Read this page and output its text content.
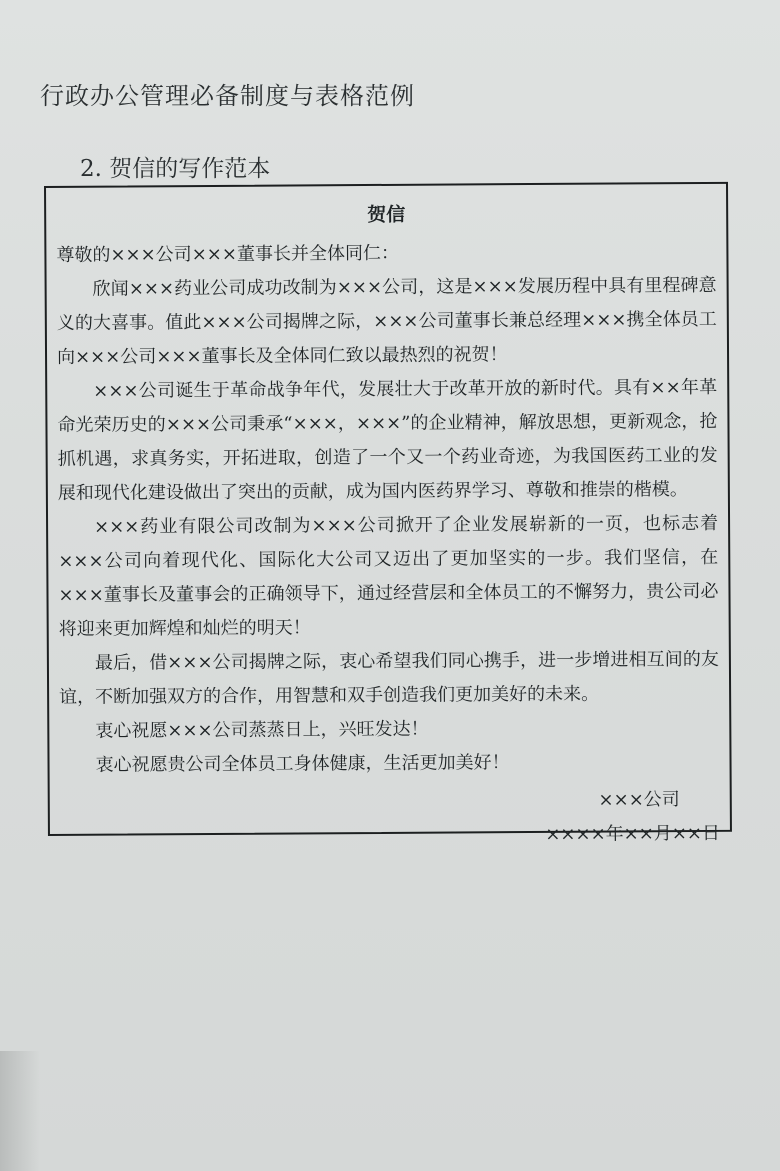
行政办公管理必备制度与表格范例
2. 贺信的写作范本
贺信
尊敬的×××公司×××董事长并全体同仁：

欣闻×××药业公司成功改制为×××公司，这是×××发展历程中具有里程碑意义的大喜事。值此×××公司揭牌之际，×××公司董事长兼总经理×××携全体员工向×××公司×××董事长及全体同仁致以最热烈的祝贺！

×××公司诞生于革命战争年代，发展壮大于改革开放的新时代。具有××年革命光荣历史的×××公司秉承“×××，×××”的企业精神，解放思想，更新观念，抢抓机遇，求真务实，开拓进取，创造了一个又一个药业奇迹，为我国医药工业的发展和现代化建设做出了突出的贡献，成为国内医药界学习、尊敬和推崇的楷模。

×××药业有限公司改制为×××公司掀开了企业发展崭新的一页，也标志着×××公司向着现代化、国际化大公司又迈出了更加坚实的一步。我们坚信，在×××董事长及董事会的正确领导下，通过经营层和全体员工的不懈努力，贵公司必将迎来更加辉煌和灿烂的明天！

最后，借×××公司揭牌之际，衷心希望我们同心携手，进一步增进相互间的友谊，不断加强双方的合作，用智慧和双手创造我们更加美好的未来。

衷心祝愿×××公司蒸蒸日上，兴旺发达！

衷心祝愿贵公司全体员工身体健康，生活更加美好！

×××公司
××××年××月××日
